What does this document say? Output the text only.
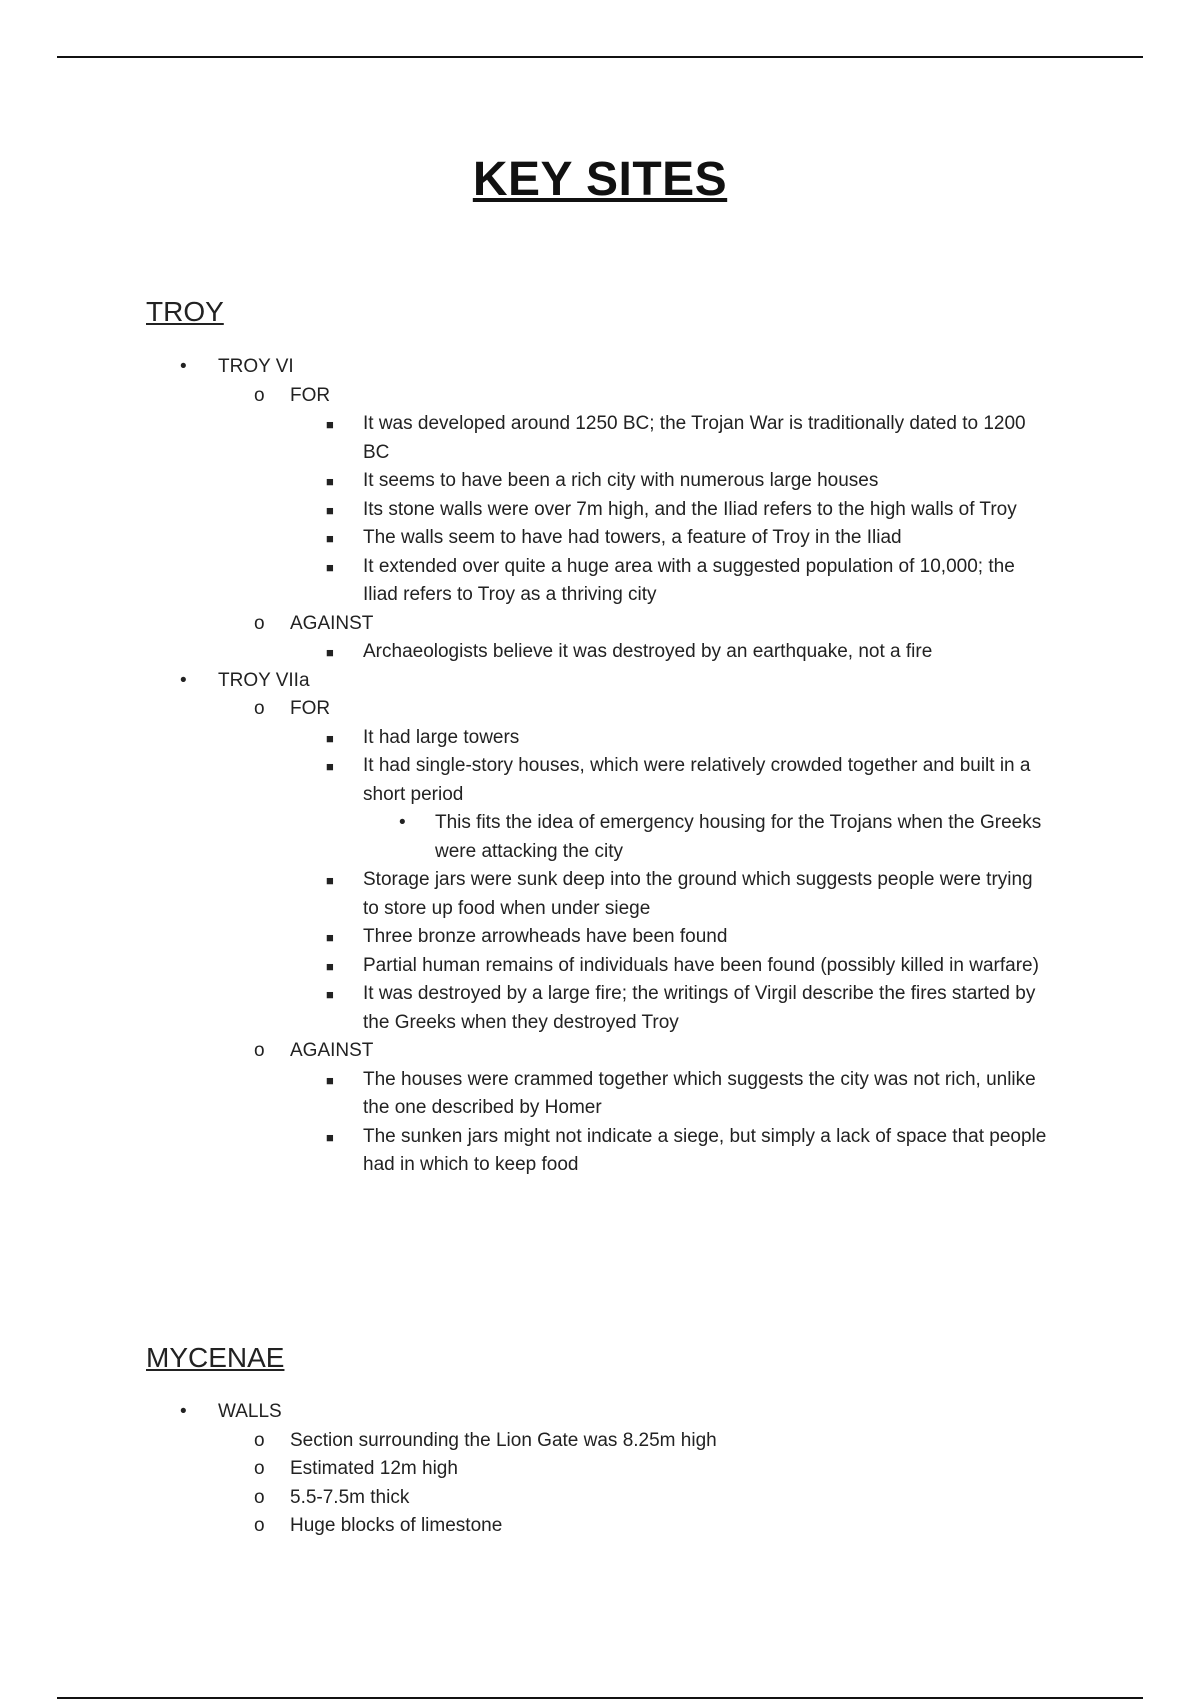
KEY SITES
TROY
• TROY VI
o FOR
■ It was developed around 1250 BC; the Trojan War is traditionally dated to 1200 BC
■ It seems to have been a rich city with numerous large houses
■ Its stone walls were over 7m high, and the Iliad refers to the high walls of Troy
■ The walls seem to have had towers, a feature of Troy in the Iliad
■ It extended over quite a huge area with a suggested population of 10,000; the Iliad refers to Troy as a thriving city
o AGAINST
■ Archaeologists believe it was destroyed by an earthquake, not a fire
• TROY VIIa
o FOR
■ It had large towers
■ It had single-story houses, which were relatively crowded together and built in a short period
• This fits the idea of emergency housing for the Trojans when the Greeks were attacking the city
■ Storage jars were sunk deep into the ground which suggests people were trying to store up food when under siege
■ Three bronze arrowheads have been found
■ Partial human remains of individuals have been found (possibly killed in warfare)
■ It was destroyed by a large fire; the writings of Virgil describe the fires started by the Greeks when they destroyed Troy
o AGAINST
■ The houses were crammed together which suggests the city was not rich, unlike the one described by Homer
■ The sunken jars might not indicate a siege, but simply a lack of space that people had in which to keep food
MYCENAE
• WALLS
o Section surrounding the Lion Gate was 8.25m high
o Estimated 12m high
o 5.5-7.5m thick
o Huge blocks of limestone
